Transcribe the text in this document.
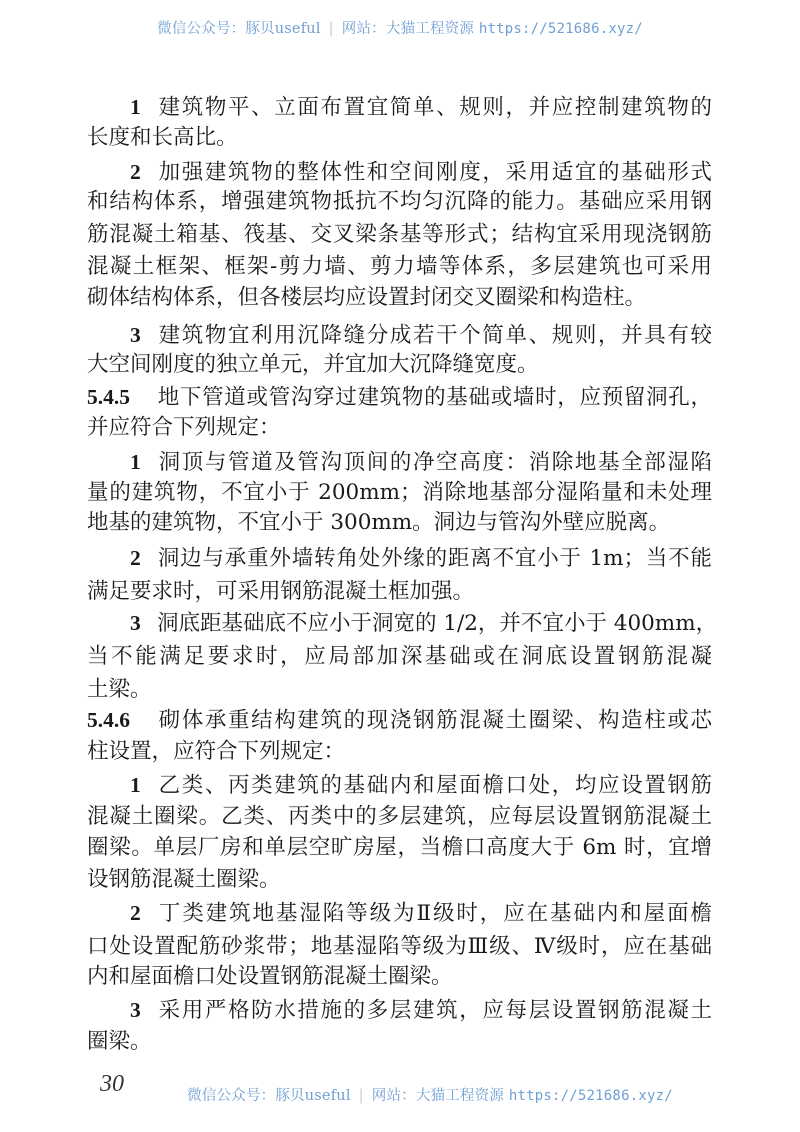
微信公众号：豚贝useful | 网站：大猫工程资源 https://521686.xyz/
1 建筑物平、立面布置宜简单、规则，并应控制建筑物的
长度和长高比。
2 加强建筑物的整体性和空间刚度，采用适宜的基础形式
和结构体系，增强建筑物抵抗不均匀沉降的能力。基础应采用钢
筋混凝土箱基、筏基、交叉梁条基等形式；结构宜采用现浇钢筋
混凝土框架、框架-剪力墙、剪力墙等体系，多层建筑也可采用
砌体结构体系，但各楼层均应设置封闭交叉圈梁和构造柱。
3 建筑物宜利用沉降缝分成若干个简单、规则，并具有较
大空间刚度的独立单元，并宜加大沉降缝宽度。
5.4.5 地下管道或管沟穿过建筑物的基础或墙时，应预留洞孔，
并应符合下列规定：
1 洞顶与管道及管沟顶间的净空高度：消除地基全部湿陷
量的建筑物，不宜小于 200mm；消除地基部分湿陷量和未处理
地基的建筑物，不宜小于 300mm。洞边与管沟外壁应脱离。
2 洞边与承重外墙转角处外缘的距离不宜小于 1m；当不能
满足要求时，可采用钢筋混凝土框加强。
3 洞底距基础底不应小于洞宽的 1/2，并不宜小于 400mm，
当不能满足要求时，应局部加深基础或在洞底设置钢筋混凝
土梁。
5.4.6 砌体承重结构建筑的现浇钢筋混凝土圈梁、构造柱或芯
柱设置，应符合下列规定：
1 乙类、丙类建筑的基础内和屋面檐口处，均应设置钢筋
混凝土圈梁。乙类、丙类中的多层建筑，应每层设置钢筋混凝土
圈梁。单层厂房和单层空旷房屋，当檐口高度大于 6m 时，宜增
设钢筋混凝土圈梁。
2 丁类建筑地基湿陷等级为Ⅱ级时，应在基础内和屋面檐
口处设置配筋砂浆带；地基湿陷等级为Ⅲ级、Ⅳ级时，应在基础
内和屋面檐口处设置钢筋混凝土圈梁。
3 采用严格防水措施的多层建筑，应每层设置钢筋混凝土
圈梁。
30	微信公众号：豚贝useful | 网站：大猫工程资源 https://521686.xyz/
